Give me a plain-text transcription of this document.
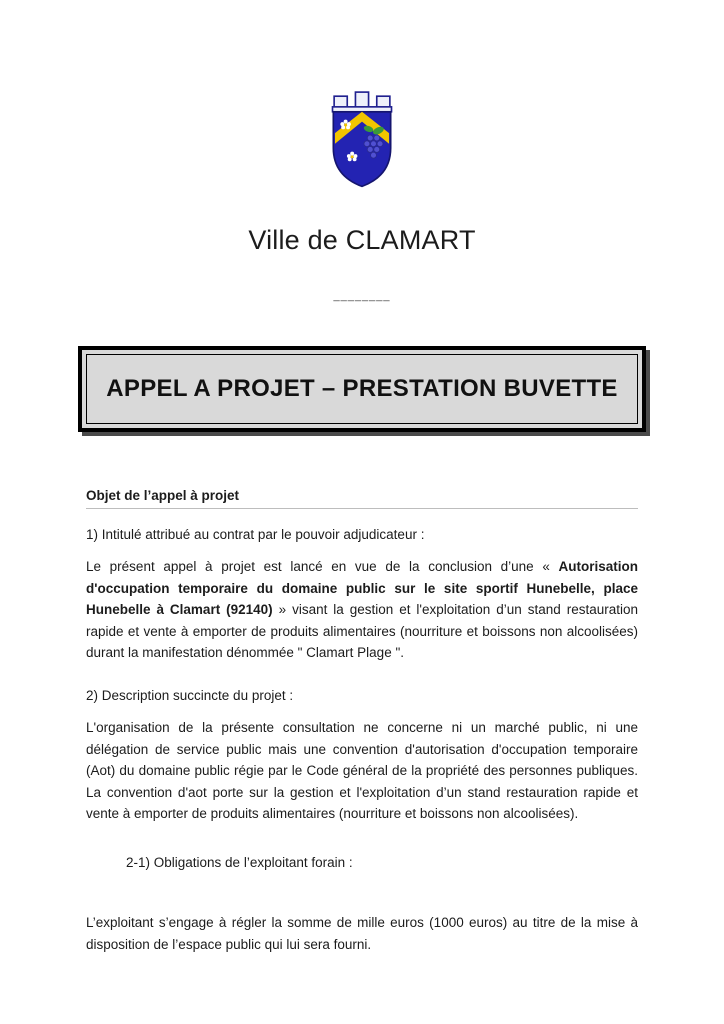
Ville de CLAMART
________
APPEL A PROJET – PRESTATION BUVETTE
Objet de l’appel à projet

1) Intitulé attribué au contrat par le pouvoir adjudicateur :

Le présent appel à projet est lancé en vue de la conclusion d’une « Autorisation d'occupation temporaire du domaine public sur le site sportif Hunebelle, place Hunebelle à Clamart (92140) » visant la gestion et l'exploitation d’un stand restauration rapide et vente à emporter de produits alimentaires (nourriture et boissons non alcoolisées) durant la manifestation dénommée " Clamart Plage ".

2) Description succincte du projet :

L'organisation de la présente consultation ne concerne ni un marché public, ni une délégation de service public mais une convention d'autorisation d'occupation temporaire (Aot) du domaine public régie par le Code général de la propriété des personnes publiques. La convention d'aot porte sur la gestion et l'exploitation d’un stand restauration rapide et vente à emporter de produits alimentaires (nourriture et boissons non alcoolisées).

2-1) Obligations de l’exploitant forain :

L’exploitant s’engage à régler la somme de mille euros (1000 euros) au titre de la mise à disposition de l’espace public qui lui sera fourni.
